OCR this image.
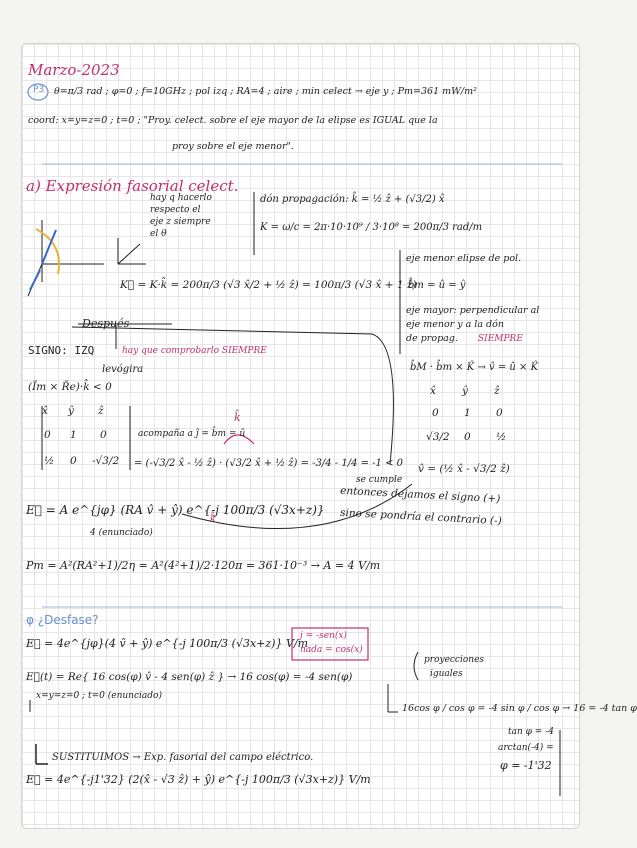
Marzo-2023
P3 θ=π/3 rad ; φ=0 ; f=10GHz ; pol izq ; RA=4 ; aire ; min celect → eje y ; Pm=361 mW/m²
coord: x=y=z=0 ; t=0 ; "Proy. celect. sobre el eje mayor de la elipse es IGUAL que la
proy sobre el eje menor".
a) Expresión fasorial celect.
hay q hacerlo
respecto el
eje z siempre
el θ
dón propagación: k̂ = ½ ẑ + (√3/2) x̂
K = ω/c = 2π·10·10⁹ / 3·10⁸ = 200π/3 rad/m
K⃗ = K·k̂ = 200π/3 (√3 x̂/2 + ½ ẑ) = 100π/3 (√3 x̂ + 1 ẑ)
eje menor elipse de pol.
b̂m = û = ŷ
eje mayor: perpendicular al
eje menor y a la dón
de propag. SIEMPRE
Después
SIGNO: IZQ	hay que comprobarlo SIEMPRE
levógira
(Ĩm × R̃e)·k̂ < 0
b̂M · b̂m × K̂ → v̂ = û × K̂
x̂ ŷ ẑ
0 1 0
½ 0 -√3/2
acompaña a ĵ = b̂m = û
k̂
= (-√3/2 x̂ - ½ ẑ) · (√3/2 x̂ + ½ ẑ) = -3/4 - 1/4 = -1 < 0
x̂ ŷ ẑ
0 1 0
√3/2 0 ½
v̂ = (½ x̂ - √3/2 ẑ)
se cumple
entonces dejamos el signo (+)
sino se pondría el contrario (-)
E⃗ = A e^{jφ} (RA v̂ + ŷ) e^{-j 100π/3 (√3x+z)}
4 (enunciado)
k̂
Pm = A²(RA²+1)/2η = A²(4²+1)/2·120π = 361·10⁻³ → A = 4 V/m
φ ¿Desfase?
E⃗ = 4e^{jφ}(4 v̂ + ŷ) e^{-j 100π/3 (√3x+z)} V/m
j = -sen(x)
nada = cos(x)
E⃗(t) = Re{ 16 cos(φ) v̂ - 4 sen(φ) ẑ } → 16 cos(φ) = -4 sen(φ)
proyecciones
iguales
x=y=z=0 ; t=0 (enunciado)
16cos φ / cos φ = -4 sin φ / cos φ → 16 = -4 tan φ
tan φ = -4
arctan(-4) =
φ = -1'32
SUSTITUIMOS → Exp. fasorial del campo eléctrico.
E⃗ = 4e^{-j1'32} (2(x̂ - √3 ẑ) + ŷ) e^{-j 100π/3 (√3x+z)} V/m
